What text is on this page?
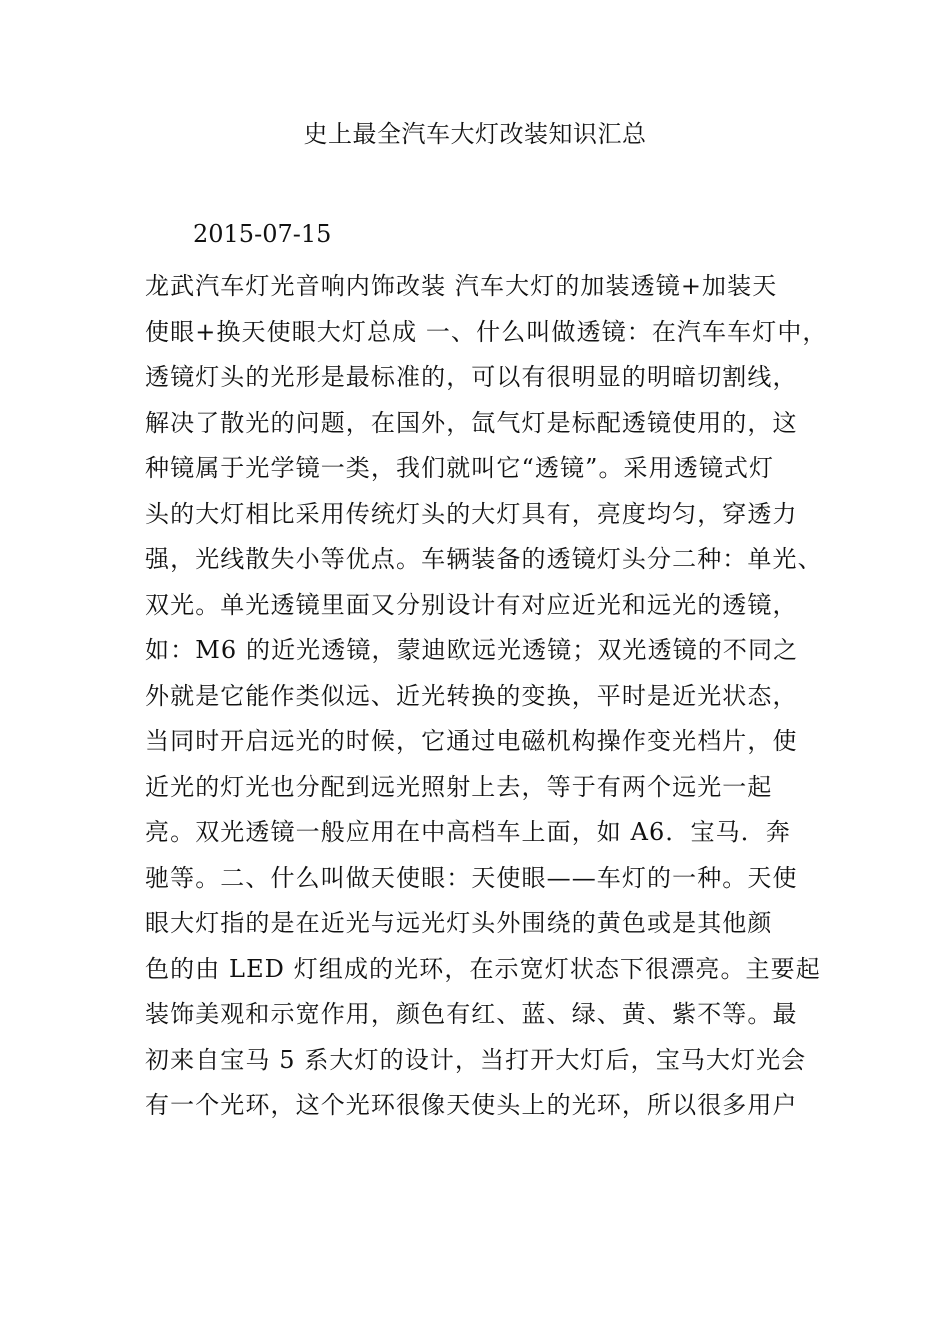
史上最全汽车大灯改装知识汇总
2015-07-15
龙武汽车灯光音响内饰改装 汽车大灯的加装透镜+加装天
使眼+换天使眼大灯总成 一、什么叫做透镜：在汽车车灯中，
透镜灯头的光形是最标准的，可以有很明显的明暗切割线，
解决了散光的问题，在国外，氙气灯是标配透镜使用的，这
种镜属于光学镜一类，我们就叫它“透镜”。采用透镜式灯
头的大灯相比采用传统灯头的大灯具有，亮度均匀，穿透力
强，光线散失小等优点。车辆装备的透镜灯头分二种：单光、
双光。单光透镜里面又分别设计有对应近光和远光的透镜，
如：M6 的近光透镜，蒙迪欧远光透镜；双光透镜的不同之
外就是它能作类似远、近光转换的变换，平时是近光状态，
当同时开启远光的时候，它通过电磁机构操作变光档片，使
近光的灯光也分配到远光照射上去，等于有两个远光一起
亮。双光透镜一般应用在中高档车上面，如 A6．宝马．奔
驰等。二、什么叫做天使眼：天使眼——车灯的一种。天使
眼大灯指的是在近光与远光灯头外围绕的黄色或是其他颜
色的由 LED 灯组成的光环，在示宽灯状态下很漂亮。主要起
装饰美观和示宽作用，颜色有红、蓝、绿、黄、紫不等。最
初来自宝马 5 系大灯的设计，当打开大灯后，宝马大灯光会
有一个光环，这个光环很像天使头上的光环，所以很多用户
